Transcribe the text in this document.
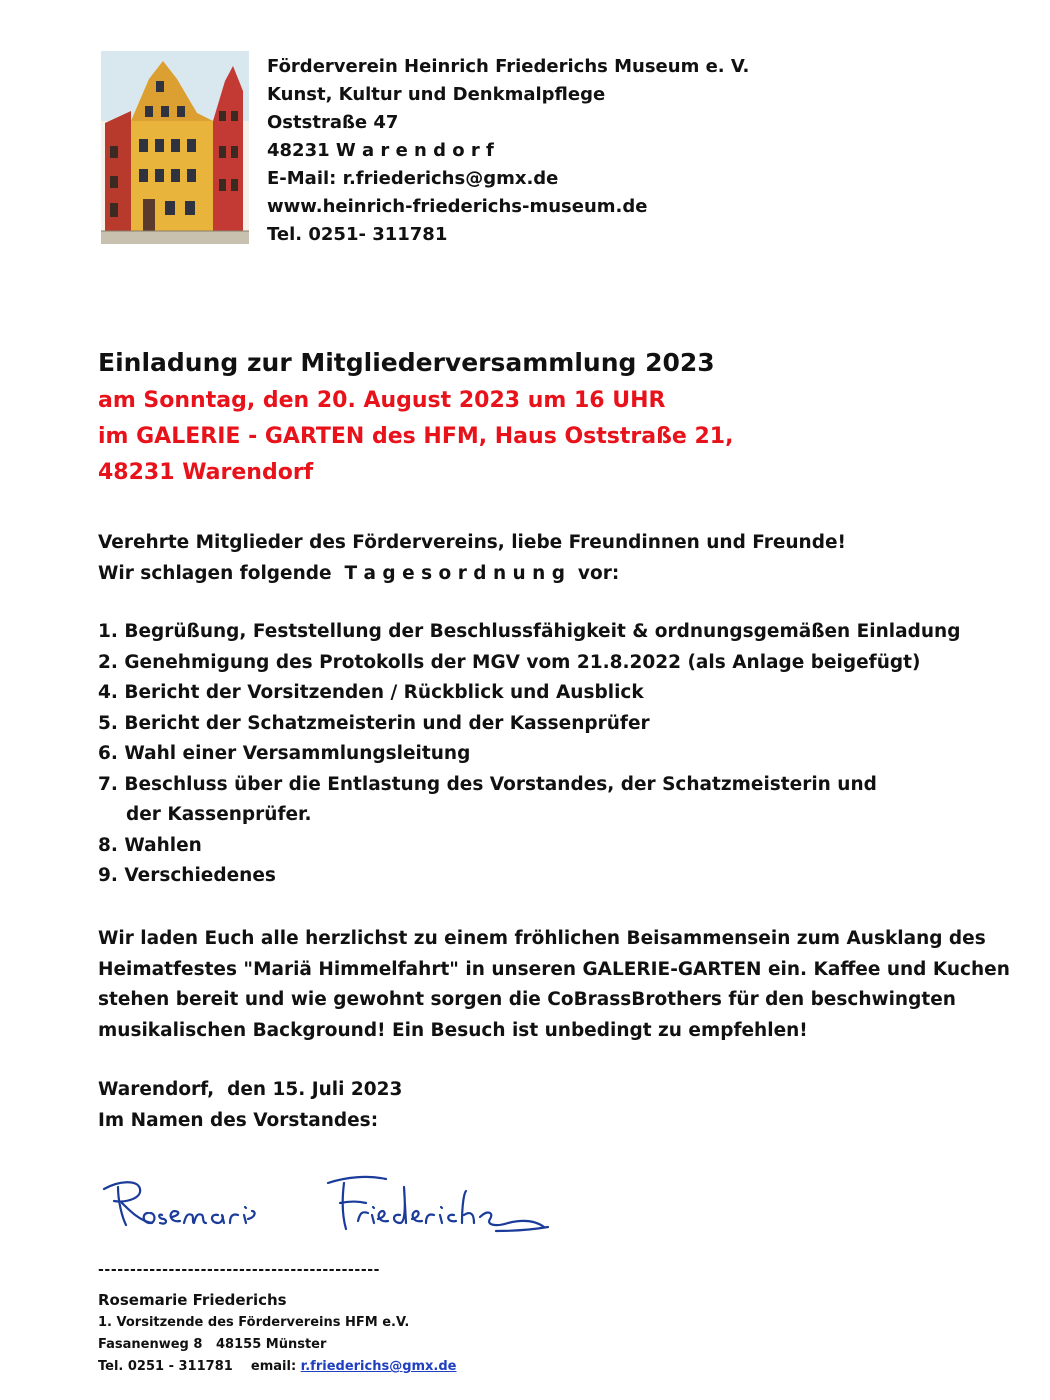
Förderverein Heinrich Friederichs Museum e. V.
Kunst, Kultur und Denkmalpflege
Oststraße 47
48231 W a r e n d o r f
E-Mail: r.friederichs@gmx.de
www.heinrich-friederichs-museum.de
Tel. 0251- 311781
Einladung zur Mitgliederversammlung 2023
am Sonntag, den 20. August 2023 um 16 UHR
im GALERIE - GARTEN des HFM, Haus Oststraße 21,
48231 Warendorf
Verehrte Mitglieder des Fördervereins, liebe Freundinnen und Freunde!
Wir schlagen folgende T a g e s o r d n u n g vor:
1. Begrüßung, Feststellung der Beschlussfähigkeit & ordnungsgemäßen Einladung
2. Genehmigung des Protokolls der MGV vom 21.8.2022 (als Anlage beigefügt)
4. Bericht der Vorsitzenden / Rückblick und Ausblick
5. Bericht der Schatzmeisterin und der Kassenprüfer
6. Wahl einer Versammlungsleitung
7. Beschluss über die Entlastung des Vorstandes, der Schatzmeisterin und
der Kassenprüfer.
8. Wahlen
9. Verschiedenes
Wir laden Euch alle herzlichst zu einem fröhlichen Beisammensein zum Ausklang des
Heimatfestes "Mariä Himmelfahrt" in unseren GALERIE-GARTEN ein. Kaffee und Kuchen
stehen bereit und wie gewohnt sorgen die CoBrassBrothers für den beschwingten
musikalischen Background! Ein Besuch ist unbedingt zu empfehlen!
Warendorf,  den 15. Juli 2023
Im Namen des Vorstandes:
--------------------------------------------
Rosemarie Friederichs
1. Vorsitzende des Fördervereins HFM e.V.
Fasanenweg 8   48155 Münster
Tel. 0251 - 311781 email: r.friederichs@gmx.de
